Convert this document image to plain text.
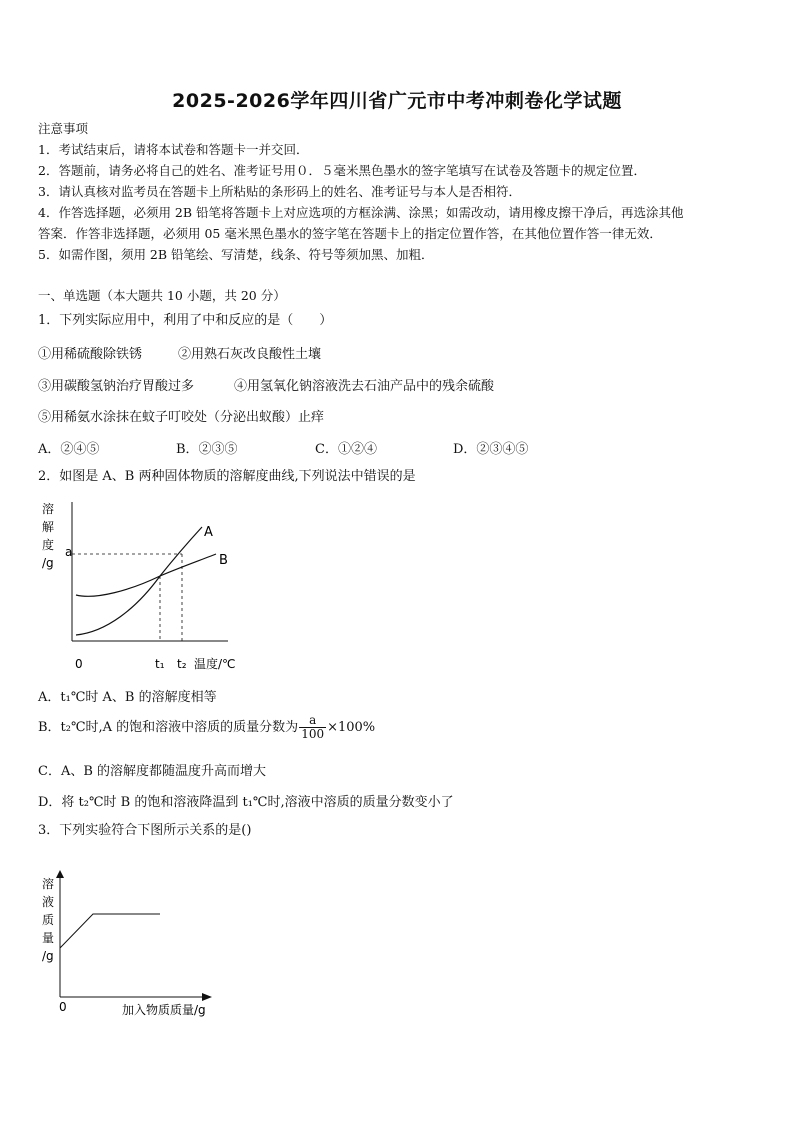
2025-2026学年四川省广元市中考冲刺卷化学试题
注意事项
1．考试结束后，请将本试卷和答题卡一并交回．
2．答题前，请务必将自己的姓名、准考证号用０．５毫米黑色墨水的签字笔填写在试卷及答题卡的规定位置．
3．请认真核对监考员在答题卡上所粘贴的条形码上的姓名、准考证号与本人是否相符．
4．作答选择题，必须用 2B 铅笔将答题卡上对应选项的方框涂满、涂黑；如需改动，请用橡皮擦干净后，再选涂其他
答案．作答非选择题，必须用 05 毫米黑色墨水的签字笔在答题卡上的指定位置作答，在其他位置作答一律无效．
5．如需作图，须用 2B 铅笔绘、写清楚，线条、符号等须加黑、加粗．
一、单选题（本大题共 10 小题，共 20 分）
1．下列实际应用中，利用了中和反应的是（　　）
①用稀硫酸除铁锈	②用熟石灰改良酸性土壤
③用碳酸氢钠治疗胃酸过多	④用氢氧化钠溶液洗去石油产品中的残余硫酸
⑤用稀氨水涂抹在蚊子叮咬处（分泌出蚁酸）止痒
A．②④⑤	B．②③⑤	C．①②④	D．②③④⑤
2．如图是 A、B 两种固体物质的溶解度曲线,下列说法中错误的是
溶
解
度
/g
a
A
B
0	t₁ t₂ 温度/℃
A．t₁℃时 A、B 的溶解度相等
B．t₂℃时,A 的饱和溶液中溶质的质量分数为 $\frac{a}{100} \times 100\%$
C．A、B 的溶解度都随温度升高而增大
D．将 t₂℃时 B 的饱和溶液降温到 t₁℃时,溶液中溶质的质量分数变小了
3．下列实验符合下图所示关系的是()
溶
液
质
量
/g
0	加入物质质量/g
